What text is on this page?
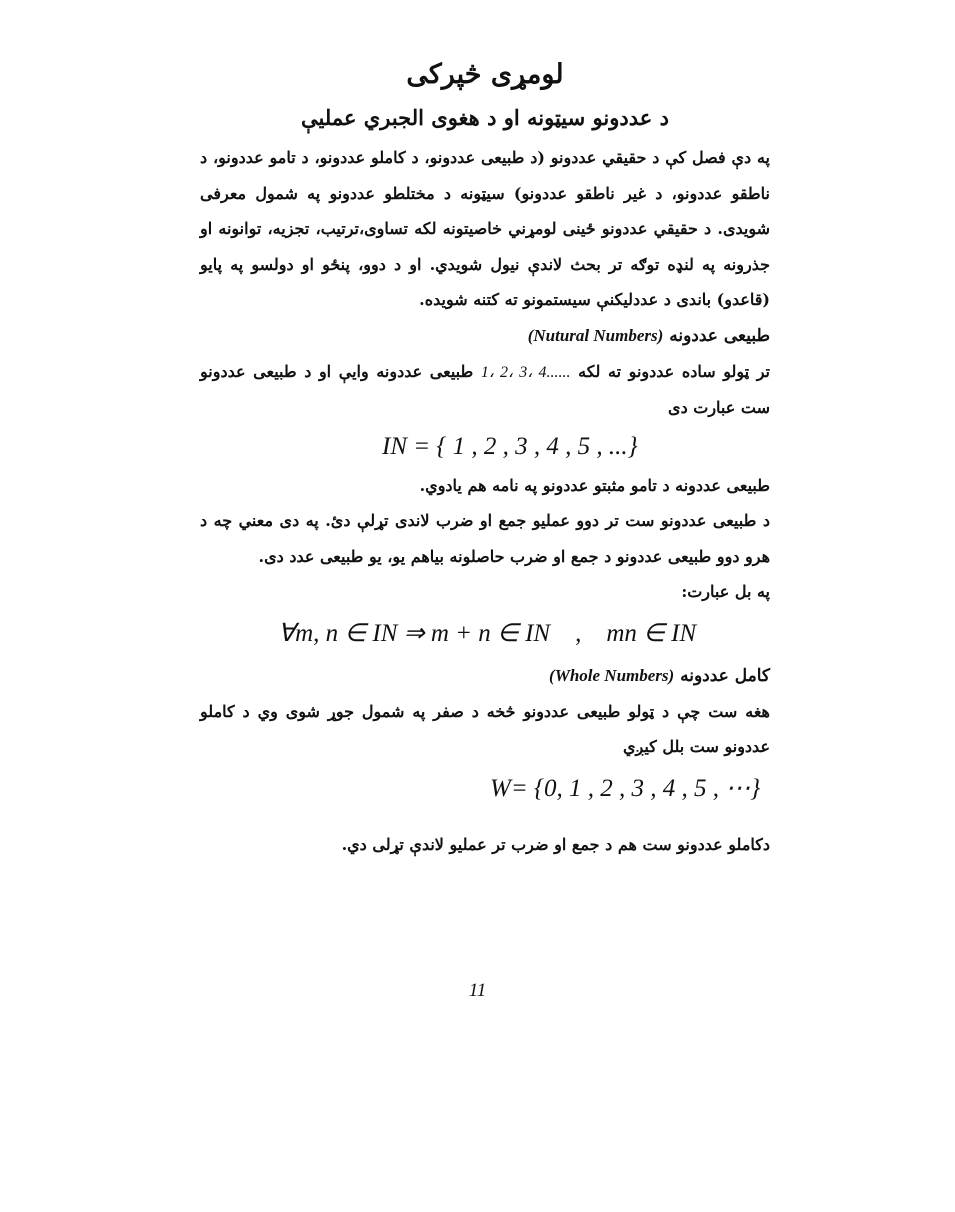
لومړی څپرکی
د عددونو سیټونه او د هغوی الجبري عملیې

په دې فصل کې د حقیقي عددونو (د طبیعی عددونو، د کاملو عددونو، د تامو عددونو، د ناطقو عددونو، د غیر ناطقو عددونو) سیټونه د مختلطو عددونو په شمول معرفی شویدی. د حقیقي عددونو ځینی لومړني خاصیتونه لکه تساوی،ترتیب، تجزیه، توانونه او جذرونه په لنډه توګه تر بحث لاندې نیول شویدي. او د دوو، پنځو او دولسو په پایو (قاعدو) باندی د عددلیکنې سیستمونو ته کتنه شویده.

طبیعی عددونه (Nutural Numbers)

تر ټولو ساده عددونو ته لکه 1، 2، 3، 4...... طبیعی عددونه وایې او د طبیعی عددونو ست عبارت دی

IN = { 1 , 2 , 3 , 4 , 5 , ...}

طبیعی عددونه د تامو مثبتو عددونو په نامه هم یادوي.

د طبیعی عددونو ست تر دوو عملیو جمع او ضرب لاندی تړلې دئ. په دی معني چه د هرو دوو طبیعی عددونو د جمع او ضرب حاصلونه بیاهم یو، یو طبیعی عدد دی.

په بل عبارت:

∀m, n ∈ IN ⇒ m + n ∈ IN    ,    mn ∈ IN

کامل عددونه (Whole Numbers)

هغه ست چې د ټولو طبیعی عددونو څخه د صفر په شمول جوړ شوی وي د کاملو عددونو ست بلل کیږي

W= {0, 1 , 2 , 3 , 4 , 5 , ⋯}

دکاملو عددونو ست هم د جمع او ضرب تر عملیو لاندې تړلی دي.

11
